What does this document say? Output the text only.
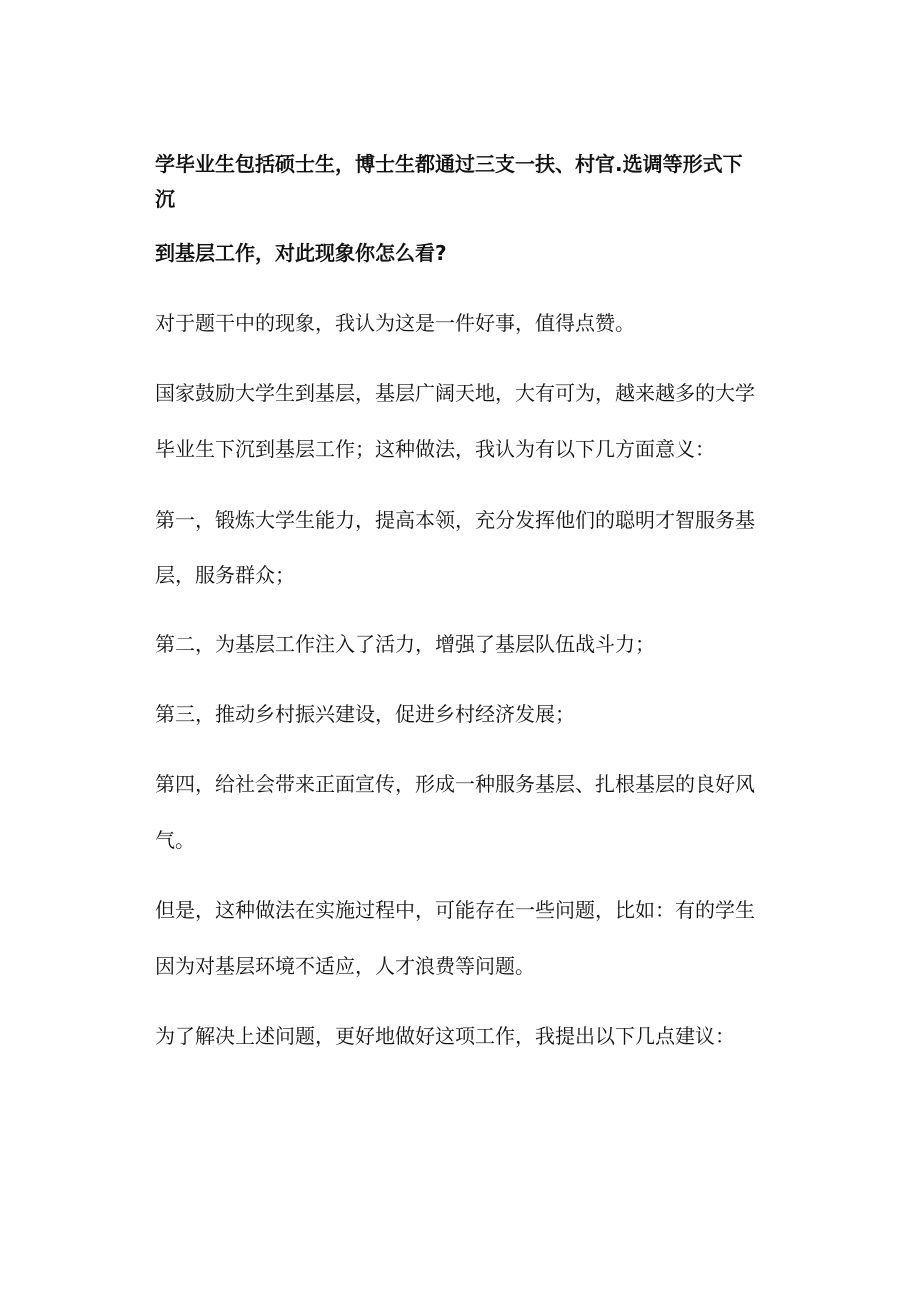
学毕业生包括硕士生，博士生都通过三支一扶、村官.选调等形式下
沉
到基层工作，对此现象你怎么看?
对于题干中的现象，我认为这是一件好事，值得点赞。
国家鼓励大学生到基层，基层广阔天地，大有可为，越来越多的大学
毕业生下沉到基层工作；这种做法，我认为有以下几方面意义：
第一，锻炼大学生能力，提高本领，充分发挥他们的聪明才智服务基
层，服务群众；
第二，为基层工作注入了活力，增强了基层队伍战斗力；
第三，推动乡村振兴建设，促进乡村经济发展；
第四，给社会带来正面宣传，形成一种服务基层、扎根基层的良好风
气。
但是，这种做法在实施过程中，可能存在一些问题，比如：有的学生
因为对基层环境不适应，人才浪费等问题。
为了解决上述问题，更好地做好这项工作，我提出以下几点建议：
